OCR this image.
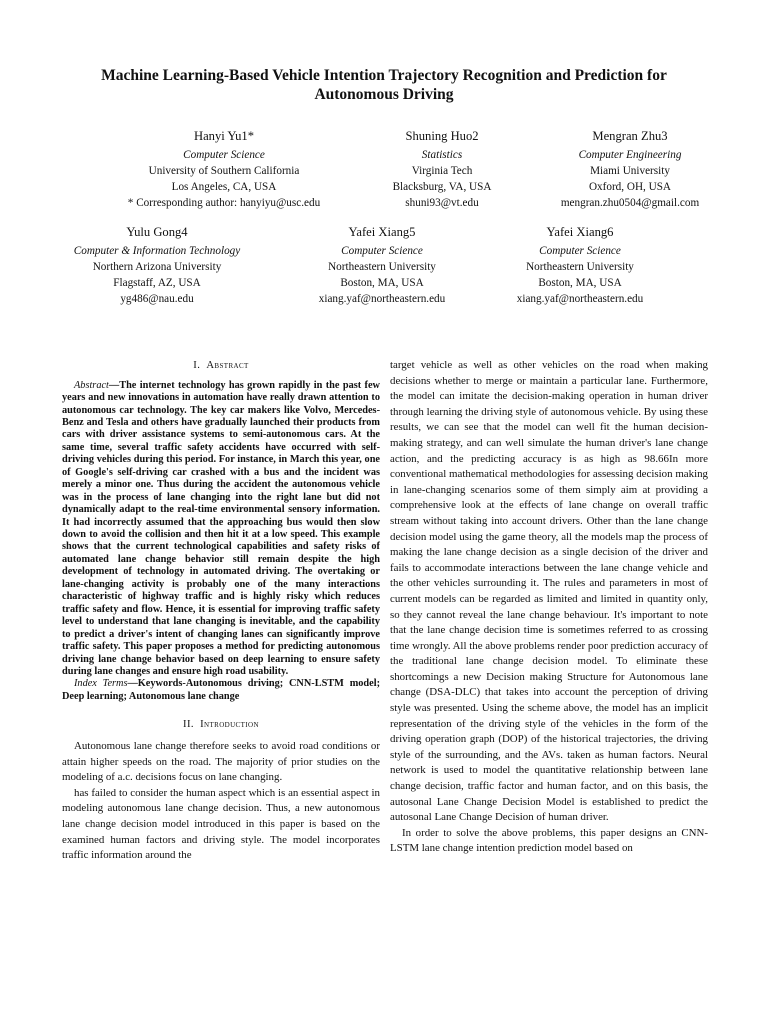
Machine Learning-Based Vehicle Intention Trajectory Recognition and Prediction for Autonomous Driving
Hanyi Yu1*
Computer Science
University of Southern California
Los Angeles, CA, USA
* Corresponding author: hanyiyu@usc.edu
Shuning Huo2
Statistics
Virginia Tech
Blacksburg, VA, USA
shuni93@vt.edu
Mengran Zhu3
Computer Engineering
Miami University
Oxford, OH, USA
mengran.zhu0504@gmail.com
Yulu Gong4
Computer & Information Technology
Northern Arizona University
Flagstaff, AZ, USA
yg486@nau.edu
Yafei Xiang5
Computer Science
Northeastern University
Boston, MA, USA
xiang.yaf@northeastern.edu
Yafei Xiang6
Computer Science
Northeastern University
Boston, MA, USA
xiang.yaf@northeastern.edu
I. Abstract

Abstract—The internet technology has grown rapidly in the past few years and new innovations in automation have really drawn attention to autonomous car technology. The key car makers like Volvo, Mercedes-Benz and Tesla and others have gradually launched their products from cars with driver assistance systems to semi-autonomous cars. At the same time, several traffic safety accidents have occurred with self-driving vehicles during this period. For instance, in March this year, one of Google's self-driving car crashed with a bus and the incident was merely a minor one. Thus during the accident the autonomous vehicle was in the process of lane changing into the right lane but did not dynamically adapt to the real-time environmental sensory information. It had incorrectly assumed that the approaching bus would then slow down to avoid the collision and then hit it at a low speed. This example shows that the current technological capabilities and safety risks of automated lane change behavior still remain despite the high development of technology in automated driving. The overtaking or lane-changing activity is probably one of the many interactions characteristic of highway traffic and is highly risky which reduces traffic safety and flow. Hence, it is essential for improving traffic safety level to understand that lane changing is inevitable, and the capability to predict a driver's intent of changing lanes can significantly improve traffic safety. This paper proposes a method for predicting autonomous driving lane change behavior based on deep learning to ensure safety during lane changes and ensure high road usability.

Index Terms—Keywords-Autonomous driving; CNN-LSTM model; Deep learning; Autonomous lane change

II. Introduction

Autonomous lane change therefore seeks to avoid road conditions or attain higher speeds on the road. The majority of prior studies on the modeling of a.c. decisions focus on lane changing.

has failed to consider the human aspect which is an essential aspect in modeling autonomous lane change decision. Thus, a new autonomous lane change decision model introduced in this paper is based on the examined human factors and driving style. The model incorporates traffic information around the

target vehicle as well as other vehicles on the road when making decisions whether to merge or maintain a particular lane. Furthermore, the model can imitate the decision-making operation in human driver through learning the driving style of autonomous vehicle. By using these results, we can see that the model can well fit the human decision-making strategy, and can well simulate the human driver's lane change action, and the predicting accuracy is as high as 98.66In more conventional mathematical methodologies for assessing decision making in lane-changing scenarios some of them simply aim at providing a comprehensive look at the effects of lane change on overall traffic stream without taking into account drivers. Other than the lane change decision model using the game theory, all the models map the process of making the lane change decision as a single decision of the driver and fails to accommodate interactions between the lane change vehicle and the other vehicles surrounding it. The rules and parameters in most of current models can be regarded as limited and limited in quantity only, so they cannot reveal the lane change behaviour. It's important to note that the lane change decision time is sometimes referred to as crossing time wrongly. All the above problems render poor prediction accuracy of the traditional lane change decision model. To eliminate these shortcomings a new Decision making Structure for Autonomous lane change (DSA-DLC) that takes into account the perception of driving style was presented. Using the scheme above, the model has an implicit representation of the driving style of the vehicles in the form of the driving operation graph (DOP) of the historical trajectories, the driving style of the surrounding, and the AVs. taken as human factors. Neural network is used to model the quantitative relationship between lane change decision, traffic factor and human factor, and on this basis, the autosonal Lane Change Decision Model is established to predict the autosonal Lane Change Decision of human driver.

In order to solve the above problems, this paper designs an CNN-LSTM lane change intention prediction model based on
